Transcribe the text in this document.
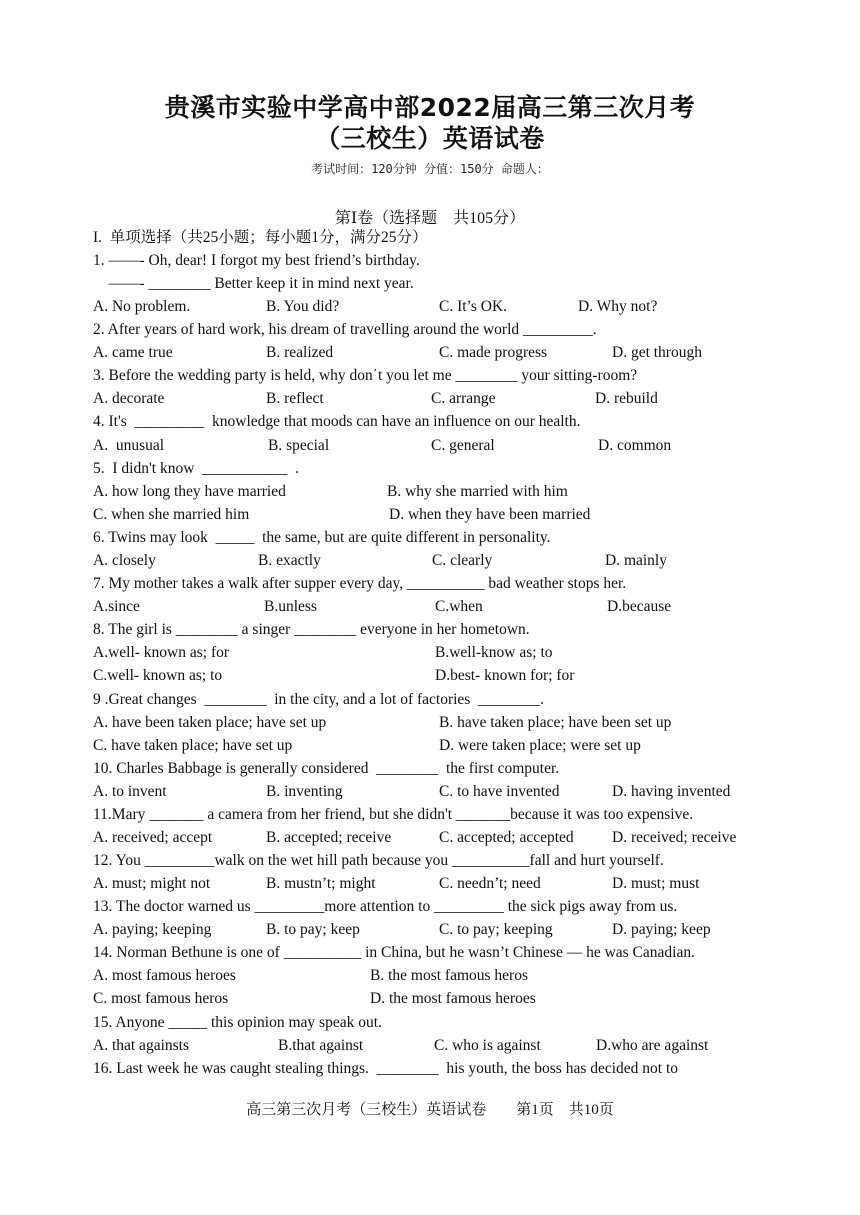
贵溪市实验中学高中部2022届高三第三次月考
（三校生）英语试卷
考试时间：120分钟 分值：150分 命题人：
第Ⅰ卷（选择题　共105分）
I.  单项选择（共25小题；每小题1分，满分25分）
1. ——- Oh, dear! I forgot my best friend’s birthday.
——- ________ Better keep it in mind next year.
A. No problem.	B. You did?	C. It’s OK.	D. Why not?
2. After years of hard work, his dream of travelling around the world _________.
A. came true	B. realized	C. made progress	D. get through
3. Before the wedding party is held, why don΄t you let me ________ your sitting-room?
A. decorate	B. reflect	C. arrange	D. rebuild
4. It's  _________  knowledge that moods can have an influence on our health.
A.  unusual	B. special	C. general	D. common
5.  I didn't know  ___________  .
A. how long they have married	B. why she married with him
C. when she married him	D. when they have been married
6. Twins may look  _____  the same, but are quite different in personality.
A. closely	B. exactly	C. clearly	D. mainly
7. My mother takes a walk after supper every day, __________ bad weather stops her.
A.since	B.unless	C.when	D.because
8. The girl is ________ a singer ________ everyone in her hometown.
A.well- known as; for	B.well-know as; to
C.well- known as; to	D.best- known for; for
9 .Great changes  ________  in the city, and a lot of factories  ________.
A. have been taken place; have set up	B. have taken place; have been set up
C. have taken place; have set up	D. were taken place; were set up
10. Charles Babbage is generally considered  ________  the first computer.
A. to invent	B. inventing	C. to have invented	D. having invented
11.Mary _______ a camera from her friend, but she didn't _______because it was too expensive.
A. received; accept	B. accepted; receive	C. accepted; accepted D. received; receive
12. You _________walk on the wet hill path because you __________fall and hurt yourself.
A. must; might not	B. mustn’t; might	C. needn’t; need	D. must; must
13. The doctor warned us _________more attention to _________ the sick pigs away from us.
A. paying; keeping	B. to pay; keep	C. to pay; keeping	D. paying; keep
14. Norman Bethune is one of __________ in China, but he wasn’t Chinese — he was Canadian.
A. most famous heroes	B. the most famous heros
C. most famous heros	D. the most famous heroes
15. Anyone _____ this opinion may speak out.
A. that againsts	B.that against	C. who is against	D.who are against
16. Last week he was caught stealing things.  ________  his youth, the boss has decided not to
高三第三次月考（三校生）英语试卷 第1页 共10页
